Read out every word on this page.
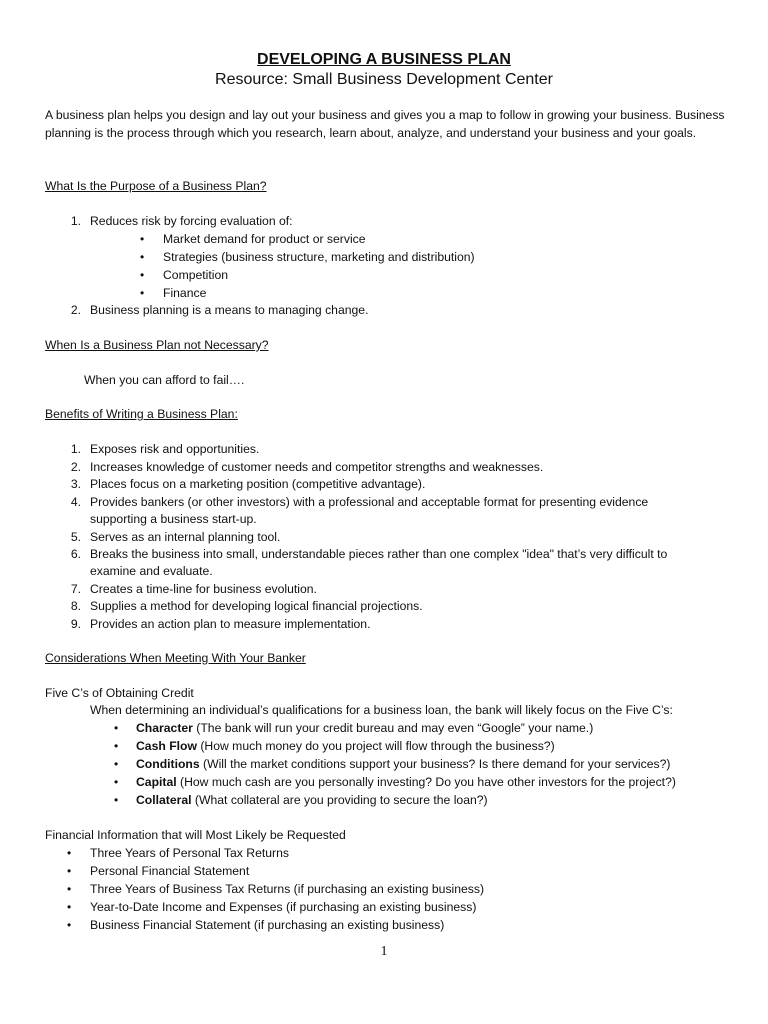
DEVELOPING A BUSINESS PLAN
Resource: Small Business Development Center
A business plan helps you design and lay out your business and gives you a map to follow in growing your business. Business planning is the process through which you research, learn about, analyze, and understand your business and your goals.
What Is the Purpose of a Business Plan?
1. Reduces risk by forcing evaluation of:
• Market demand for product or service
• Strategies (business structure, marketing and distribution)
• Competition
• Finance
2. Business planning is a means to managing change.
When Is a Business Plan not Necessary?
When you can afford to fail….
Benefits of Writing a Business Plan:
1. Exposes risk and opportunities.
2. Increases knowledge of customer needs and competitor strengths and weaknesses.
3. Places focus on a marketing position (competitive advantage).
4. Provides bankers (or other investors) with a professional and acceptable format for presenting evidence
supporting a business start-up.
5. Serves as an internal planning tool.
6. Breaks the business into small, understandable pieces rather than one complex "idea" that’s very difficult to
examine and evaluate.
7. Creates a time-line for business evolution.
8. Supplies a method for developing logical financial projections.
9. Provides an action plan to measure implementation.
Considerations When Meeting With Your Banker
Five C’s of Obtaining Credit
When determining an individual’s qualifications for a business loan, the bank will likely focus on the Five C’s:
• Character (The bank will run your credit bureau and may even “Google” your name.)
• Cash Flow (How much money do you project will flow through the business?)
• Conditions (Will the market conditions support your business? Is there demand for your services?)
• Capital (How much cash are you personally investing? Do you have other investors for the project?)
• Collateral (What collateral are you providing to secure the loan?)
Financial Information that will Most Likely be Requested
• Three Years of Personal Tax Returns
• Personal Financial Statement
• Three Years of Business Tax Returns (if purchasing an existing business)
• Year-to-Date Income and Expenses (if purchasing an existing business)
• Business Financial Statement (if purchasing an existing business)
1
